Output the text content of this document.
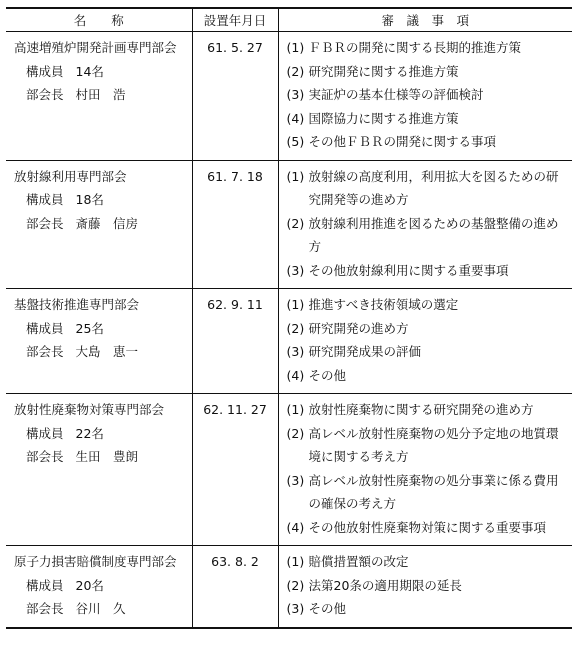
名　　称	設置年月日	審　議　事　項

高速増殖炉開発計画専門部会
構成員 14名
部会長 村田　浩	61. 5. 27	(1) ＦＢＲの開発に関する長期的推進方策
(2) 研究開発に関する推進方策
(3) 実証炉の基本仕様等の評価検討
(4) 国際協力に関する推進方策
(5) その他ＦＢＲの開発に関する事項

放射線利用専門部会
構成員 18名
部会長 斎藤　信房	61. 7. 18	(1) 放射線の高度利用，利用拡大を図るための研究開発等の進め方
(2) 放射線利用推進を図るための基盤整備の進め方
(3) その他放射線利用に関する重要事項

基盤技術推進専門部会
構成員 25名
部会長 大島　恵一	62. 9. 11	(1) 推進すべき技術領域の選定
(2) 研究開発の進め方
(3) 研究開発成果の評価
(4) その他

放射性廃棄物対策専門部会
構成員 22名
部会長 生田　豊朗	62. 11. 27	(1) 放射性廃棄物に関する研究開発の進め方
(2) 高レベル放射性廃棄物の処分予定地の地質環境に関する考え方
(3) 高レベル放射性廃棄物の処分事業に係る費用の確保の考え方
(4) その他放射性廃棄物対策に関する重要事項

原子力損害賠償制度専門部会
構成員 20名
部会長 谷川　久	63. 8. 2	(1) 賠償措置額の改定
(2) 法第20条の適用期限の延長
(3) その他
